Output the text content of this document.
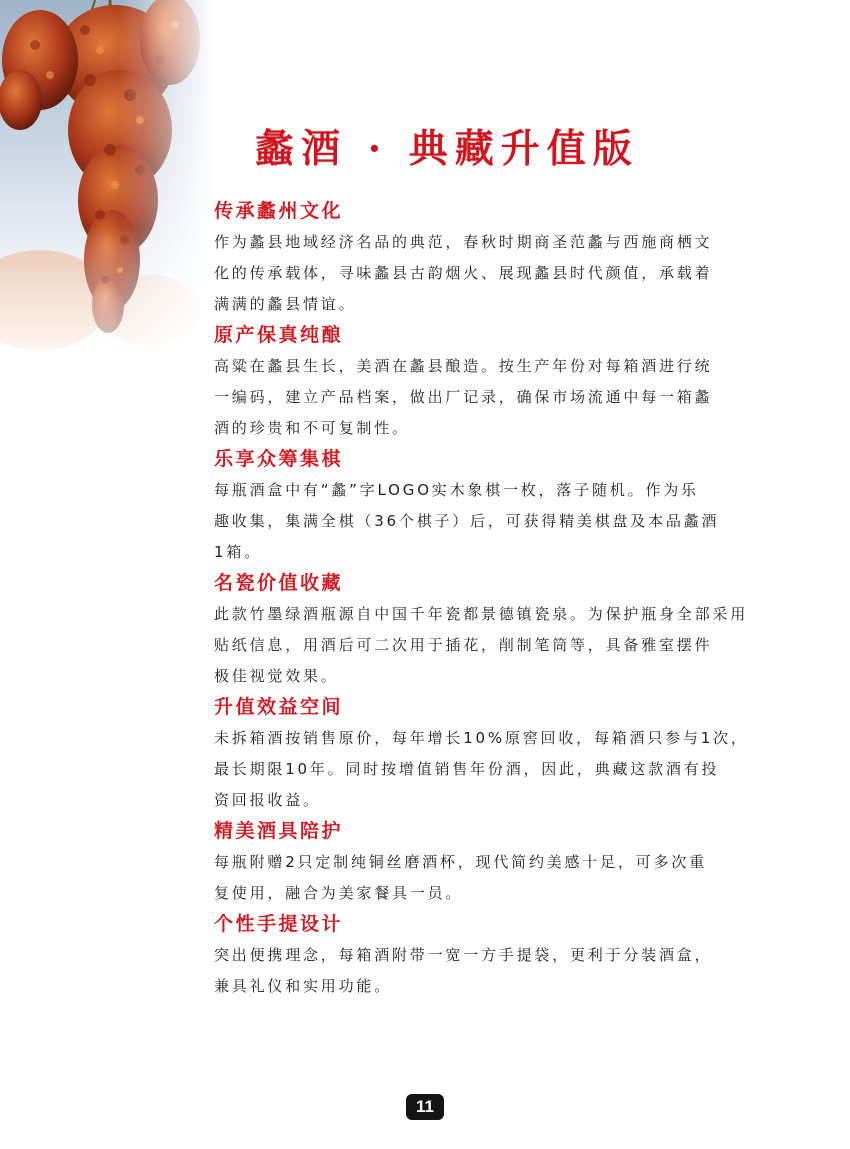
蠡酒 · 典藏升值版
传承蠡州文化

作为蠡县地域经济名品的典范，春秋时期商圣范蠡与西施商栖文

化的传承载体，寻味蠡县古韵烟火、展现蠡县时代颜值，承载着

满满的蠡县情谊。

原产保真纯酿

高粱在蠡县生长，美酒在蠡县酿造。按生产年份对每箱酒进行统

一编码，建立产品档案，做出厂记录，确保市场流通中每一箱蠡

酒的珍贵和不可复制性。

乐享众筹集棋

每瓶酒盒中有“蠡”字LOGO实木象棋一枚，落子随机。作为乐

趣收集，集满全棋（36个棋子）后，可获得精美棋盘及本品蠡酒

1箱。

名瓷价值收藏

此款竹墨绿酒瓶源自中国千年瓷都景德镇瓷泉。为保护瓶身全部采用

贴纸信息，用酒后可二次用于插花，削制笔筒等，具备雅室摆件

极佳视觉效果。

升值效益空间

未拆箱酒按销售原价，每年增长10%原窖回收，每箱酒只参与1次，

最长期限10年。同时按增值销售年份酒，因此，典藏这款酒有投

资回报收益。

精美酒具陪护

每瓶附赠2只定制纯铜丝磨酒杯，现代简约美感十足，可多次重

复使用，融合为美家餐具一员。

个性手提设计

突出便携理念，每箱酒附带一宽一方手提袋，更利于分装酒盒，

兼具礼仪和实用功能。

11
